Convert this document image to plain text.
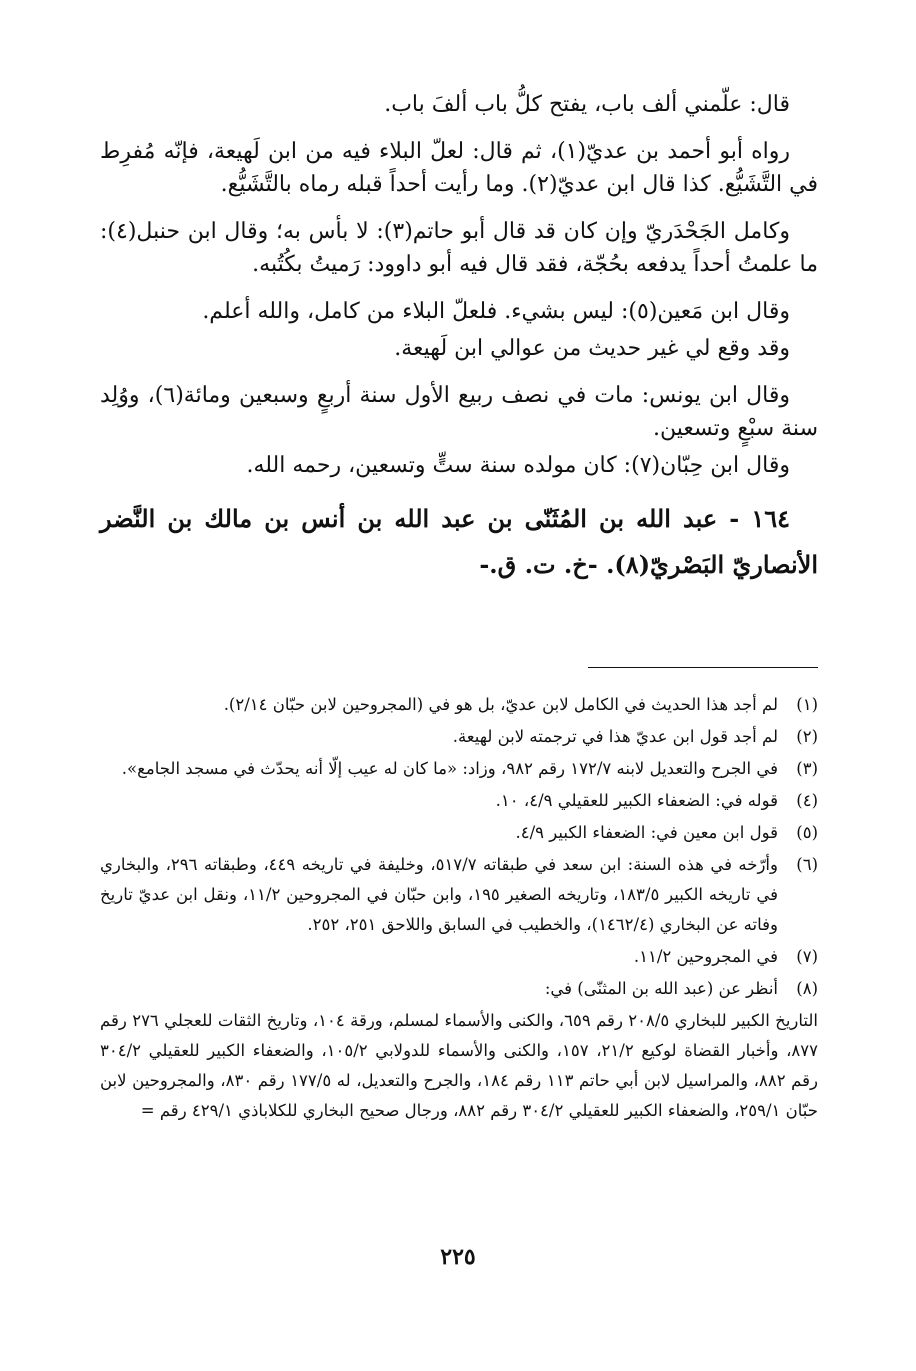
قال: علّمني ألف باب، يفتح كلُّ باب ألفَ باب.

رواه أبو أحمد بن عديّ(١)، ثم قال: لعلّ البلاء فيه من ابن لَهيعة، فإنّه مُفرِط في التَّشَيُّع. كذا قال ابن عديّ(٢). وما رأيت أحداً قبله رماه بالتَّشَيُّع.

وكامل الجَحْدَريّ وإن كان قد قال أبو حاتم(٣): لا بأس به؛ وقال ابن حنبل(٤): ما علمتُ أحداً يدفعه بحُجّة، فقد قال فيه أبو داوود: رَميتُ بكُتُبه.

وقال ابن مَعين(٥): ليس بشيء. فلعلّ البلاء من كامل، والله أعلم.

وقد وقع لي غير حديث من عوالي ابن لَهيعة.

وقال ابن يونس: مات في نصف ربيع الأول سنة أربعٍ وسبعين ومائة(٦)، ووُلِد سنة سبْعٍ وتسعين.

وقال ابن حِبّان(٧): كان مولده سنة ستٍّ وتسعين، رحمه الله.

١٦٤ - عبد الله بن المُثَنّى بن عبد الله بن أنس بن مالك بن النَّضر الأنصاريّ البَصْريّ(٨). -خ. ت. ق.-

(١)
لم أجد هذا الحديث في الكامل لابن عديّ، بل هو في (المجروحين لابن حبّان ٢/١٤).
(٢)
لم أجد قول ابن عديّ هذا في ترجمته لابن لهيعة.
(٣)
في الجرح والتعديل لابنه ١٧٢/٧ رقم ٩٨٢، وزاد: «ما كان له عيب إلّا أنه يحدّث في مسجد الجامع».
(٤)
قوله في: الضعفاء الكبير للعقيلي ٤/٩، ١٠.
(٥)
قول ابن معين في: الضعفاء الكبير ٤/٩.
(٦)
وأرّخه في هذه السنة: ابن سعد في طبقاته ٥١٧/٧، وخليفة في تاريخه ٤٤٩، وطبقاته ٢٩٦، والبخاري في تاريخه الكبير ١٨٣/٥، وتاريخه الصغير ١٩٥، وابن حبّان في المجروحين ١١/٢، ونقل ابن عديّ تاريخ وفاته عن البخاري (١٤٦٢/٤)، والخطيب في السابق واللاحق ٢٥١، ٢٥٢.
(٧)
في المجروحين ١١/٢.
(٨)
أنظر عن (عبد الله بن المثنّى) في:
التاريخ الكبير للبخاري ٢٠٨/٥ رقم ٦٥٩، والكنى والأسماء لمسلم، ورقة ١٠٤، وتاريخ الثقات للعجلي ٢٧٦ رقم ٨٧٧، وأخبار القضاة لوكيع ٢١/٢، ١٥٧، والكنى والأسماء للدولابي ١٠٥/٢، والضعفاء الكبير للعقيلي ٣٠٤/٢ رقم ٨٨٢، والمراسيل لابن أبي حاتم ١١٣ رقم ١٨٤، والجرح والتعديل، له ١٧٧/٥ رقم ٨٣٠، والمجروحين لابن حبّان ٢٥٩/١، والضعفاء الكبير للعقيلي ٣٠٤/٢ رقم ٨٨٢، ورجال صحيح البخاري للكلاباذي ٤٢٩/١ رقم =
٢٢٥
